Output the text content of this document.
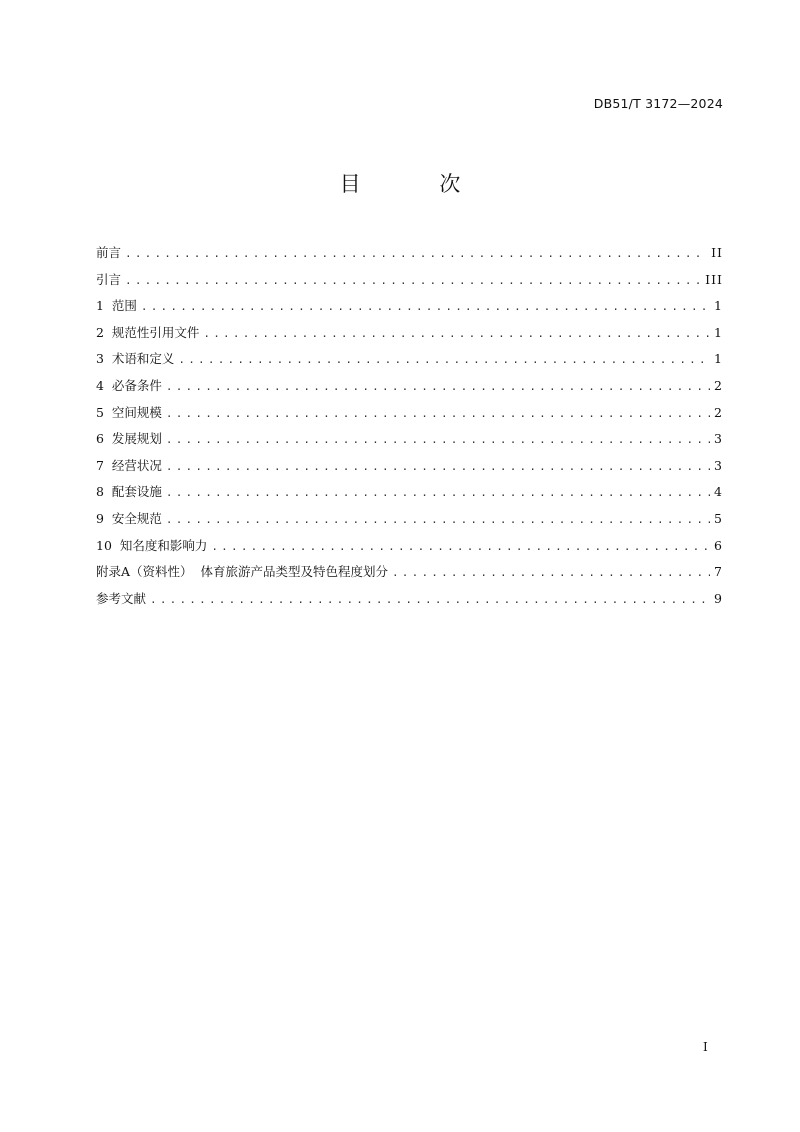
DB51/T 3172—2024
目 次
前言 .....	II
引言 .....	III
1  范围 .....	1
2  规范性引用文件 .....	1
3  术语和定义 .....	1
4  必备条件 .....	2
5  空间规模 .....	2
6  发展规划 .....	3
7  经营状况 .....	3
8  配套设施 .....	4
9  安全规范 .....	5
10  知名度和影响力 .....	6
附录A（资料性）  体育旅游产品类型及特色程度划分 .....	7
参考文献 .....	9
I
